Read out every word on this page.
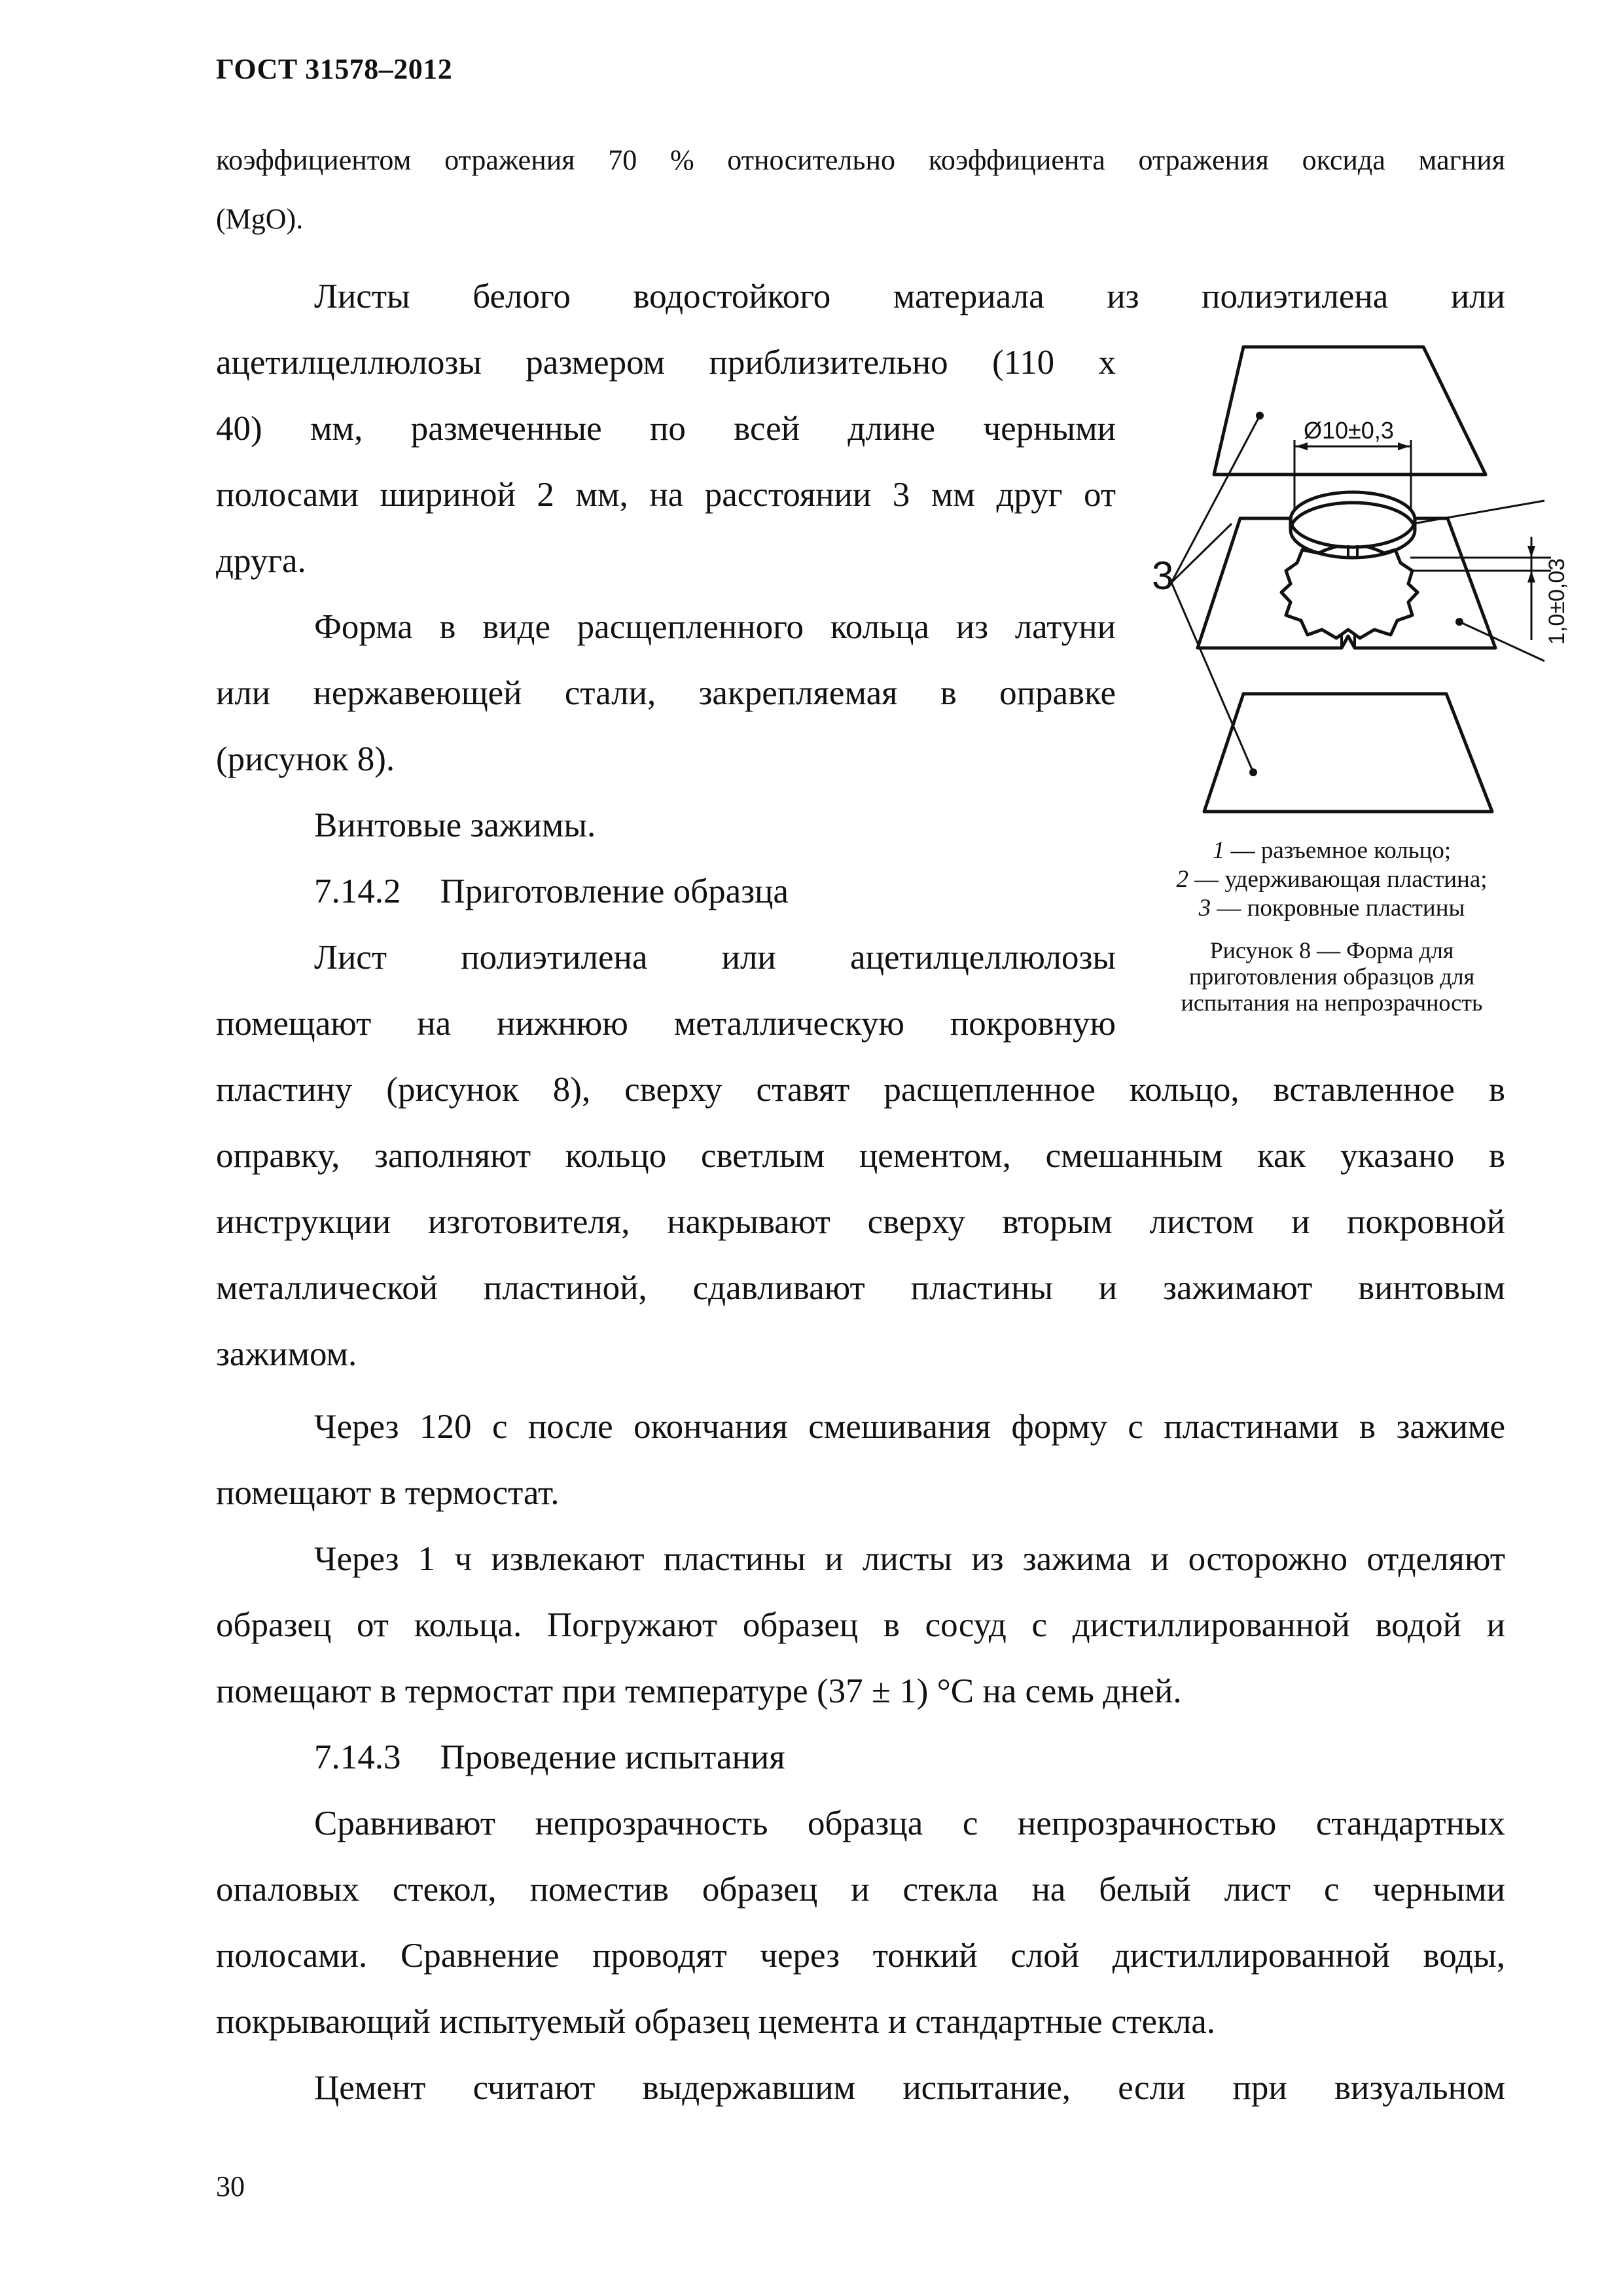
ГОСТ 31578–2012
коэффициентом отражения 70 % относительно коэффициента отражения оксида магния
(MgO).
Листы белого водостойкого материала из полиэтилена или
ацетилцеллюлозы размером приблизительно (110 х
40) мм, размеченные по всей длине черными
полосами шириной 2 мм, на расстоянии 3 мм друг от
друга.
Форма в виде расщепленного кольца из латуни
или нержавеющей стали, закрепляемая в оправке
(рисунок 8).
Винтовые зажимы.
7.14.2 Приготовление образца
Лист полиэтилена или ацетилцеллюлозы
помещают на нижнюю металлическую покровную
пластину (рисунок 8), сверху ставят расщепленное кольцо, вставленное в
оправку, заполняют кольцо светлым цементом, смешанным как указано в
инструкции изготовителя, накрывают сверху вторым листом и покровной
металлической пластиной, сдавливают пластины и зажимают винтовым
зажимом.
Через 120 с после окончания смешивания форму с пластинами в зажиме
помещают в термостат.
Через 1 ч извлекают пластины и листы из зажима и осторожно отделяют
образец от кольца. Погружают образец в сосуд с дистиллированной водой и
помещают в термостат при температуре (37 ± 1) °С на семь дней.
7.14.3 Проведение испытания
Сравнивают непрозрачность образца с непрозрачностью стандартных
опаловых стекол, поместив образец и стекла на белый лист с черными
полосами. Сравнение проводят через тонкий слой дистиллированной воды,
покрывающий испытуемый образец цемента и стандартные стекла.
Цемент считают выдержавшим испытание, если при визуальном
30
Ø10±0,3
1,0±0,03
3
1 — разъемное кольцо;
2 — удерживающая пластина;
3 — покровные пластины
Рисунок 8 — Форма для
приготовления образцов для
испытания на непрозрачность
